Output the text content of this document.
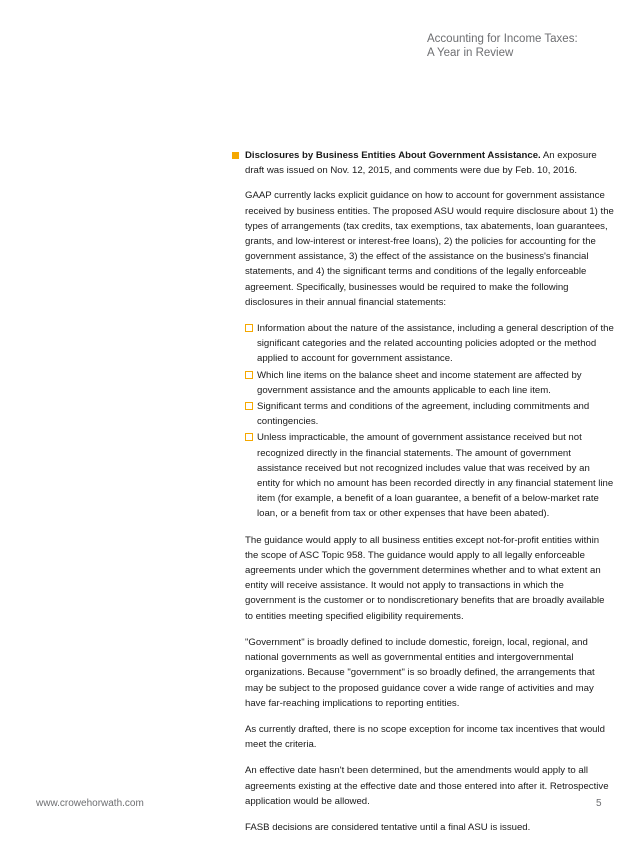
Accounting for Income Taxes:
A Year in Review
Disclosures by Business Entities About Government Assistance. An exposure draft was issued on Nov. 12, 2015, and comments were due by Feb. 10, 2016.

GAAP currently lacks explicit guidance on how to account for government assistance received by business entities. The proposed ASU would require disclosure about 1) the types of arrangements (tax credits, tax exemptions, tax abatements, loan guarantees, grants, and low-interest or interest-free loans), 2) the policies for accounting for the government assistance, 3) the effect of the assistance on the business's financial statements, and 4) the significant terms and conditions of the legally enforceable agreement. Specifically, businesses would be required to make the following disclosures in their annual financial statements:

Information about the nature of the assistance, including a general description of the significant categories and the related accounting policies adopted or the method applied to account for government assistance.
Which line items on the balance sheet and income statement are affected by government assistance and the amounts applicable to each line item.
Significant terms and conditions of the agreement, including commitments and contingencies.
Unless impracticable, the amount of government assistance received but not recognized directly in the financial statements. The amount of government assistance received but not recognized includes value that was received by an entity for which no amount has been recorded directly in any financial statement line item (for example, a benefit of a loan guarantee, a benefit of a below-market rate loan, or a benefit from tax or other expenses that have been abated).

The guidance would apply to all business entities except not-for-profit entities within the scope of ASC Topic 958. The guidance would apply to all legally enforceable agreements under which the government determines whether and to what extent an entity will receive assistance. It would not apply to transactions in which the government is the customer or to nondiscretionary benefits that are broadly available to entities meeting specified eligibility requirements.

"Government" is broadly defined to include domestic, foreign, local, regional, and national governments as well as governmental entities and intergovernmental organizations. Because "government" is so broadly defined, the arrangements that may be subject to the proposed guidance cover a wide range of activities and may have far-reaching implications to reporting entities.

As currently drafted, there is no scope exception for income tax incentives that would meet the criteria.

An effective date hasn't been determined, but the amendments would apply to all agreements existing at the effective date and those entered into after it. Retrospective application would be allowed.

FASB decisions are considered tentative until a final ASU is issued.

www.crowehorwath.com	5
